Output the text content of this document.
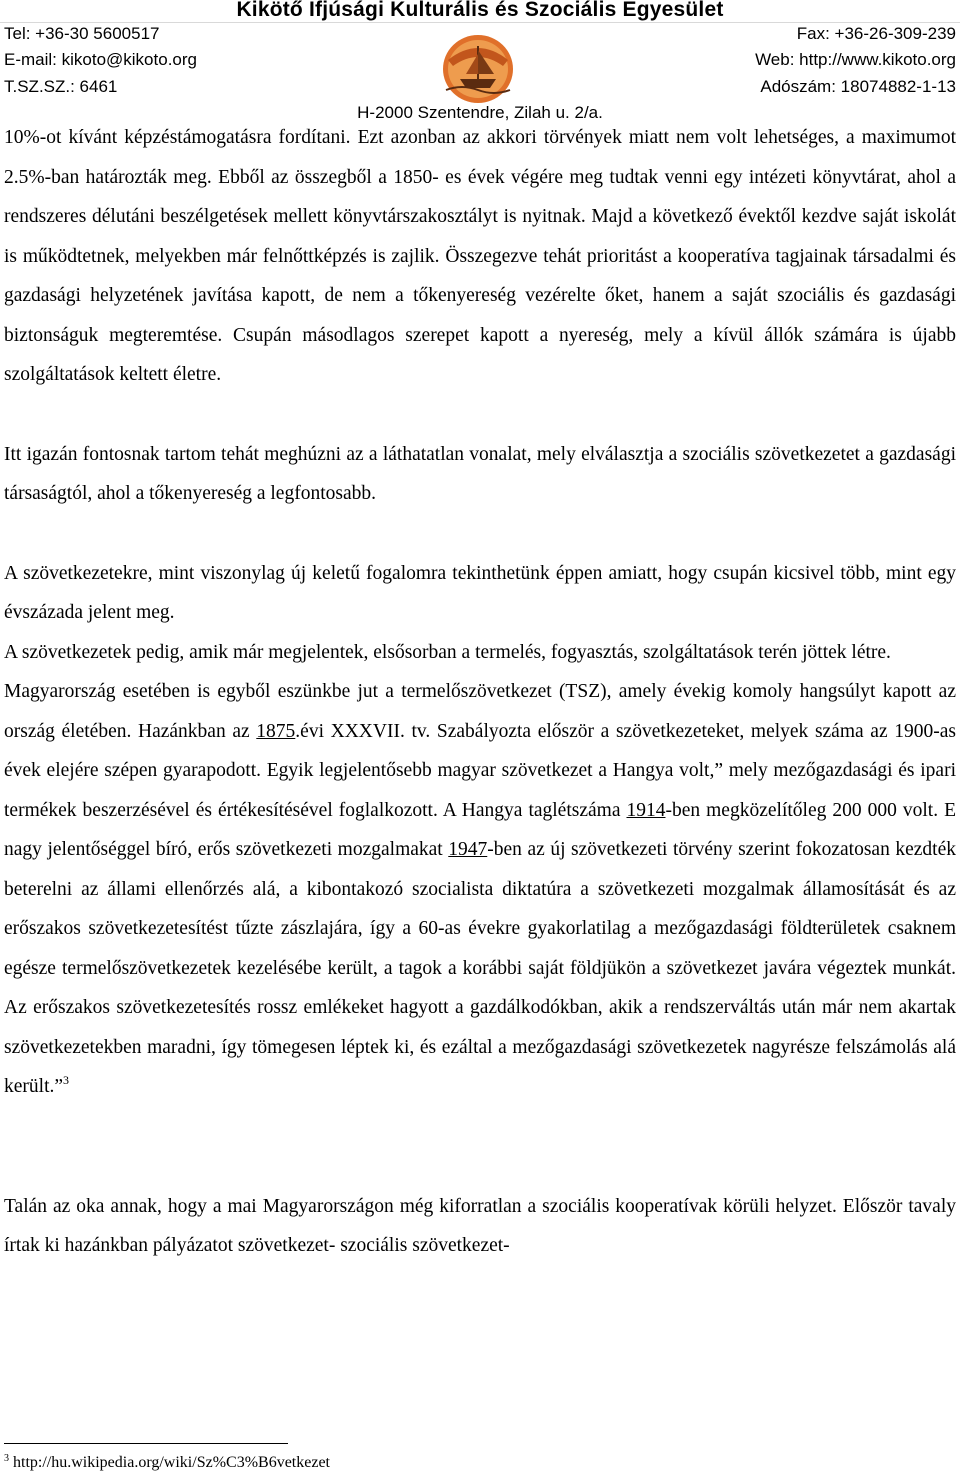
Kikötő Ifjúsági Kulturális és Szociális Egyesület
Tel: +36-30 5600517	Fax: +36-26-309-239
E-mail: kikoto@kikoto.org	Web: http://www.kikoto.org
T.SZ.SZ.: 6461	Adószám: 18074882-1-13
H-2000 Szentendre, Zilah u. 2/a.

10%-ot kívánt képzéstámogatásra fordítani. Ezt azonban az akkori törvények miatt nem volt lehetséges, a maximumot 2.5%-ban határozták meg. Ebből az összegből a 1850- es évek végére meg tudtak venni egy intézeti könyvtárat, ahol a rendszeres délutáni beszélgetések mellett könyvtárszakosztályt is nyitnak. Majd a következő évektől kezdve saját iskolát is működtetnek, melyekben már felnőttképzés is zajlik. Összegezve tehát prioritást a kooperatíva tagjainak társadalmi és gazdasági helyzetének javítása kapott, de nem a tőkenyereség vezérelte őket, hanem a saját szociális és gazdasági biztonságuk megteremtése. Csupán másodlagos szerepet kapott a nyereség, mely a kívül állók számára is újabb szolgáltatások keltett életre.

Itt igazán fontosnak tartom tehát meghúzni az a láthatatlan vonalat, mely elválasztja a szociális szövetkezetet a gazdasági társaságtól, ahol a tőkenyereség a legfontosabb.

A szövetkezetekre, mint viszonylag új keletű fogalomra tekinthetünk éppen amiatt, hogy csupán kicsivel több, mint egy évszázada jelent meg.

A szövetkezetek pedig, amik már megjelentek, elsősorban a termelés, fogyasztás, szolgáltatások terén jöttek létre.

Magyarország esetében is egyből eszünkbe jut a termelőszövetkezet (TSZ), amely évekig komoly hangsúlyt kapott az ország életében. Hazánkban az 1875.évi XXXVII. tv. Szabályozta először a szövetkezeteket, melyek száma az 1900-as évek elejére szépen gyarapodott. Egyik legjelentősebb magyar szövetkezet a Hangya volt,” mely mezőgazdasági és ipari termékek beszerzésével és értékesítésével foglalkozott. A Hangya taglétszáma 1914-ben megközelítőleg 200 000 volt. E nagy jelentőséggel bíró, erős szövetkezeti mozgalmakat 1947-ben az új szövetkezeti törvény szerint fokozatosan kezdték beterelni az állami ellenőrzés alá, a kibontakozó szocialista diktatúra a szövetkezeti mozgalmak államosítását és az erőszakos szövetkezetesítést tűzte zászlajára, így a 60-as évekre gyakorlatilag a mezőgazdasági földterületek csaknem egésze termelőszövetkezetek kezelésébe került, a tagok a korábbi saját földjükön a szövetkezet javára végeztek munkát. Az erőszakos szövetkezetesítés rossz emlékeket hagyott a gazdálkodókban, akik a rendszerváltás után már nem akartak szövetkezetekben maradni, így tömegesen léptek ki, és ezáltal a mezőgazdasági szövetkezetek nagyrésze felszámolás alá került.”$^3$

Talán az oka annak, hogy a mai Magyarországon még kiforratlan a szociális kooperatívak körüli helyzet. Először tavaly írtak ki hazánkban pályázatot szövetkezet- szociális szövetkezet-

$^3$ http://hu.wikipedia.org/wiki/Sz%C3%B6vetkezet
